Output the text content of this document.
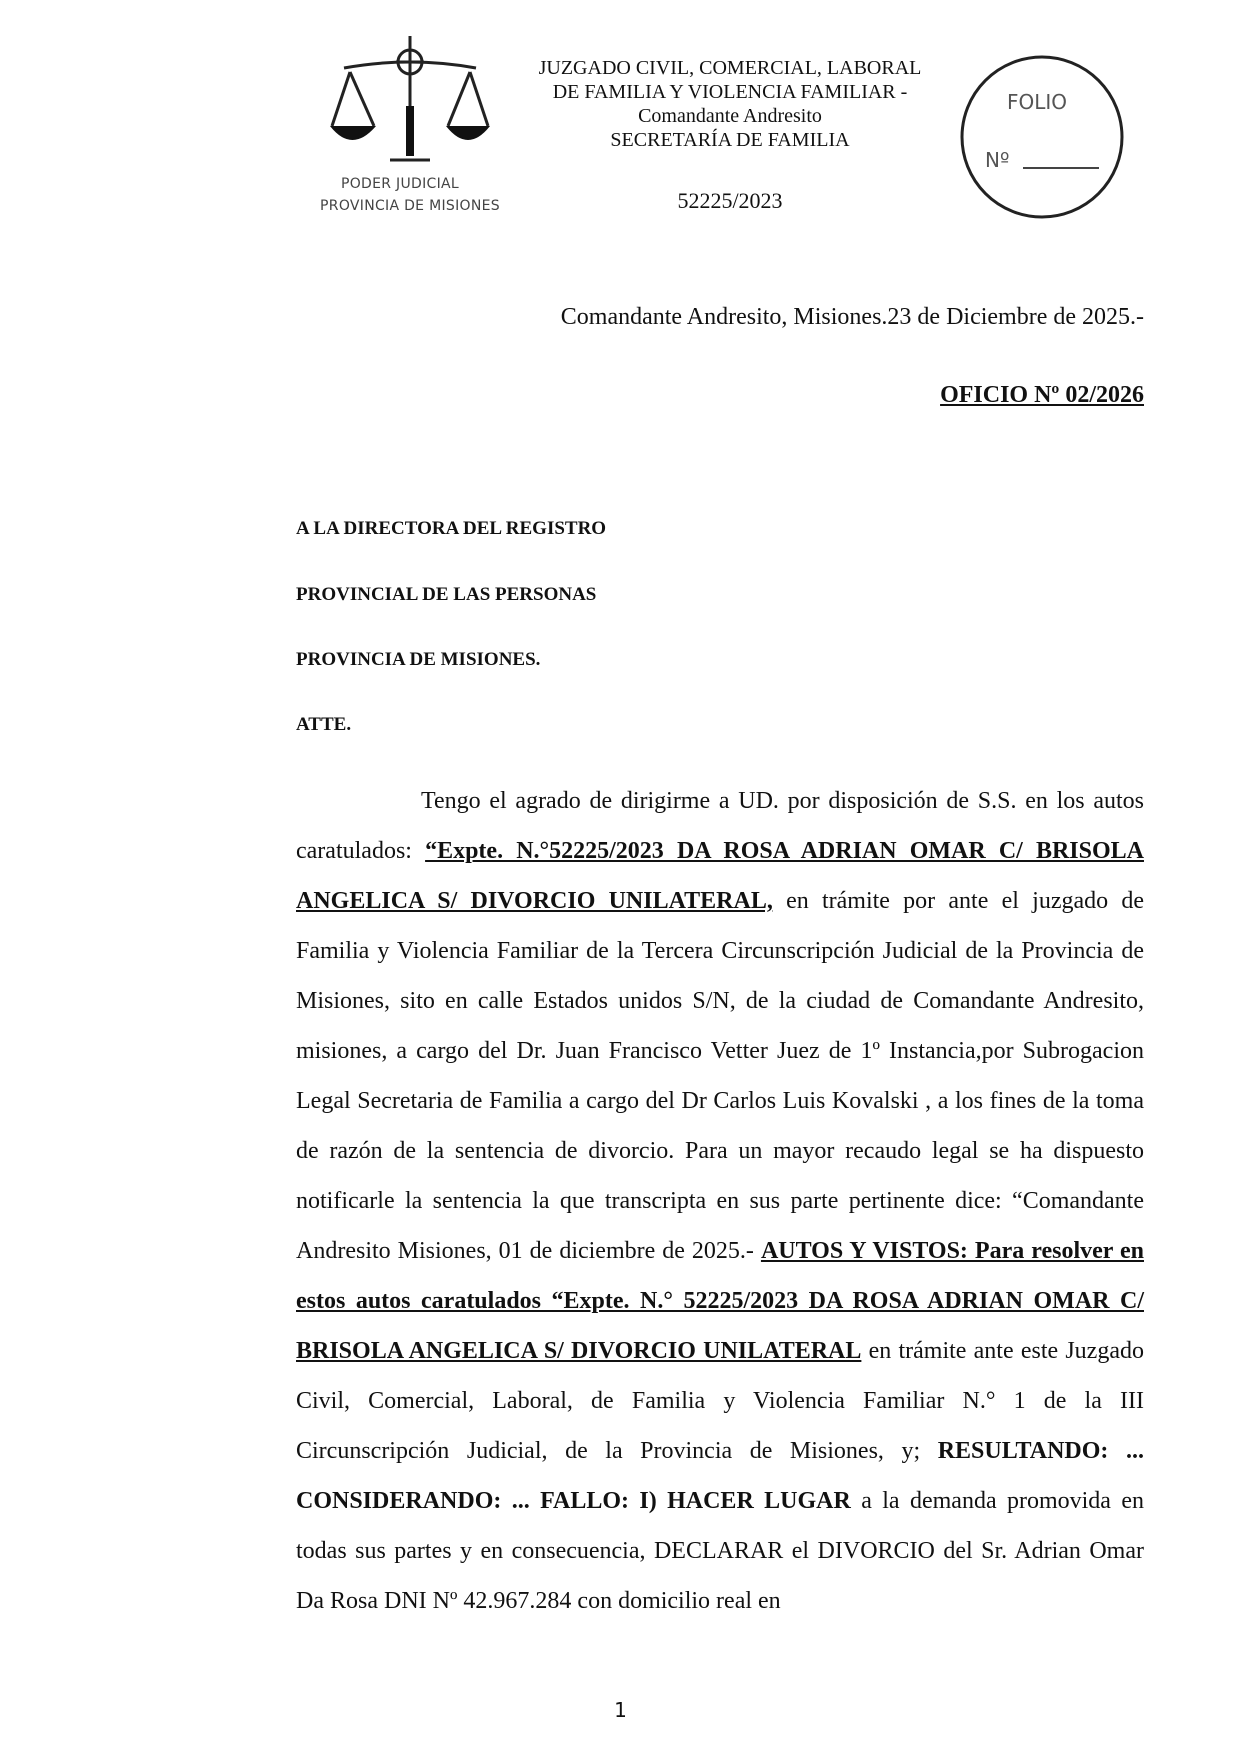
PODER JUDICIAL
PROVINCIA DE MISIONES
JUZGADO CIVIL, COMERCIAL, LABORAL
DE FAMILIA Y VIOLENCIA FAMILIAR -
Comandante Andresito
SECRETARÍA DE FAMILIA
52225/2023
FOLIO
Nº
Comandante Andresito, Misiones.23 de Diciembre de 2025.-
OFICIO Nº 02/2026
A LA DIRECTORA DEL REGISTRO
PROVINCIAL DE LAS PERSONAS
PROVINCIA DE MISIONES.
ATTE.

Tengo el agrado de dirigirme a UD. por disposición de S.S. en los autos caratulados: “Expte. N.°52225/2023 DA ROSA ADRIAN OMAR C/ BRISOLA ANGELICA S/ DIVORCIO UNILATERAL, en trámite por ante el juzgado de Familia y Violencia Familiar de la Tercera Circunscripción Judicial de la Provincia de Misiones, sito en calle Estados unidos S/N, de la ciudad de Comandante Andresito, misiones, a cargo del Dr. Juan Francisco Vetter Juez de 1º Instancia,por Subrogacion Legal Secretaria de Familia a cargo del Dr Carlos Luis Kovalski , a los fines de la toma de razón de la sentencia de divorcio. Para un mayor recaudo legal se ha dispuesto notificarle la sentencia la que transcripta en sus parte pertinente dice: “Comandante Andresito Misiones, 01 de diciembre de 2025.- AUTOS Y VISTOS: Para resolver en estos autos caratulados “Expte. N.° 52225/2023 DA ROSA ADRIAN OMAR C/ BRISOLA ANGELICA S/ DIVORCIO UNILATERAL en trámite ante este Juzgado Civil, Comercial, Laboral, de Familia y Violencia Familiar N.° 1 de la III Circunscripción Judicial, de la Provincia de Misiones, y; RESULTANDO: ... CONSIDERANDO: ... FALLO: I) HACER LUGAR a la demanda promovida en todas sus partes y en consecuencia, DECLARAR el DIVORCIO del Sr. Adrian Omar Da Rosa DNI Nº 42.967.284 con domicilio real en

1
